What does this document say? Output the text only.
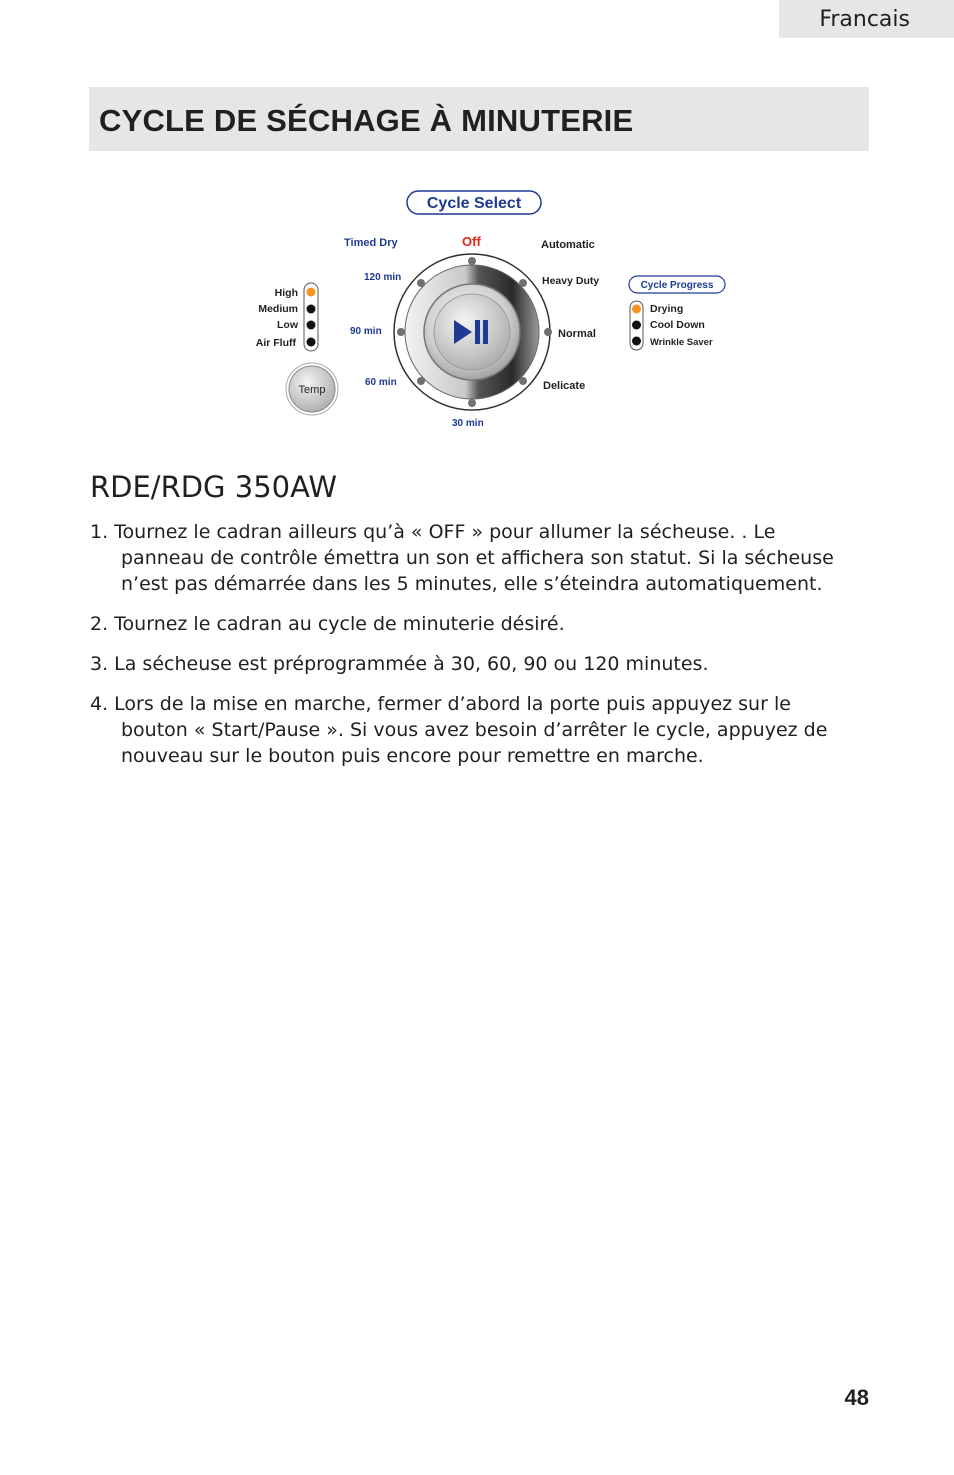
Francais
CYCLE DE SÉCHAGE À MINUTERIE
Cycle Select
Timed Dry	Off	Automatic
120 min	Heavy Duty
90 min	Normal
60 min	Delicate
30 min
High
Medium
Low
Air Fluff
Temp
Cycle Progress
Drying
Cool Down
Wrinkle Saver
RDE/RDG 350AW
1. Tournez le cadran ailleurs qu’à « OFF » pour allumer la sécheuse. . Le panneau de contrôle émettra un son et affichera son statut. Si la sécheuse n’est pas démarrée dans les 5 minutes, elle s’éteindra automatiquement.
2. Tournez le cadran au cycle de minuterie désiré.
3. La sécheuse est préprogrammée à 30, 60, 90 ou 120 minutes.
4. Lors de la mise en marche, fermer d’abord la porte puis appuyez sur le bouton « Start/Pause ». Si vous avez besoin d’arrêter le cycle, appuyez de nouveau sur le bouton puis encore pour remettre en marche.
48
